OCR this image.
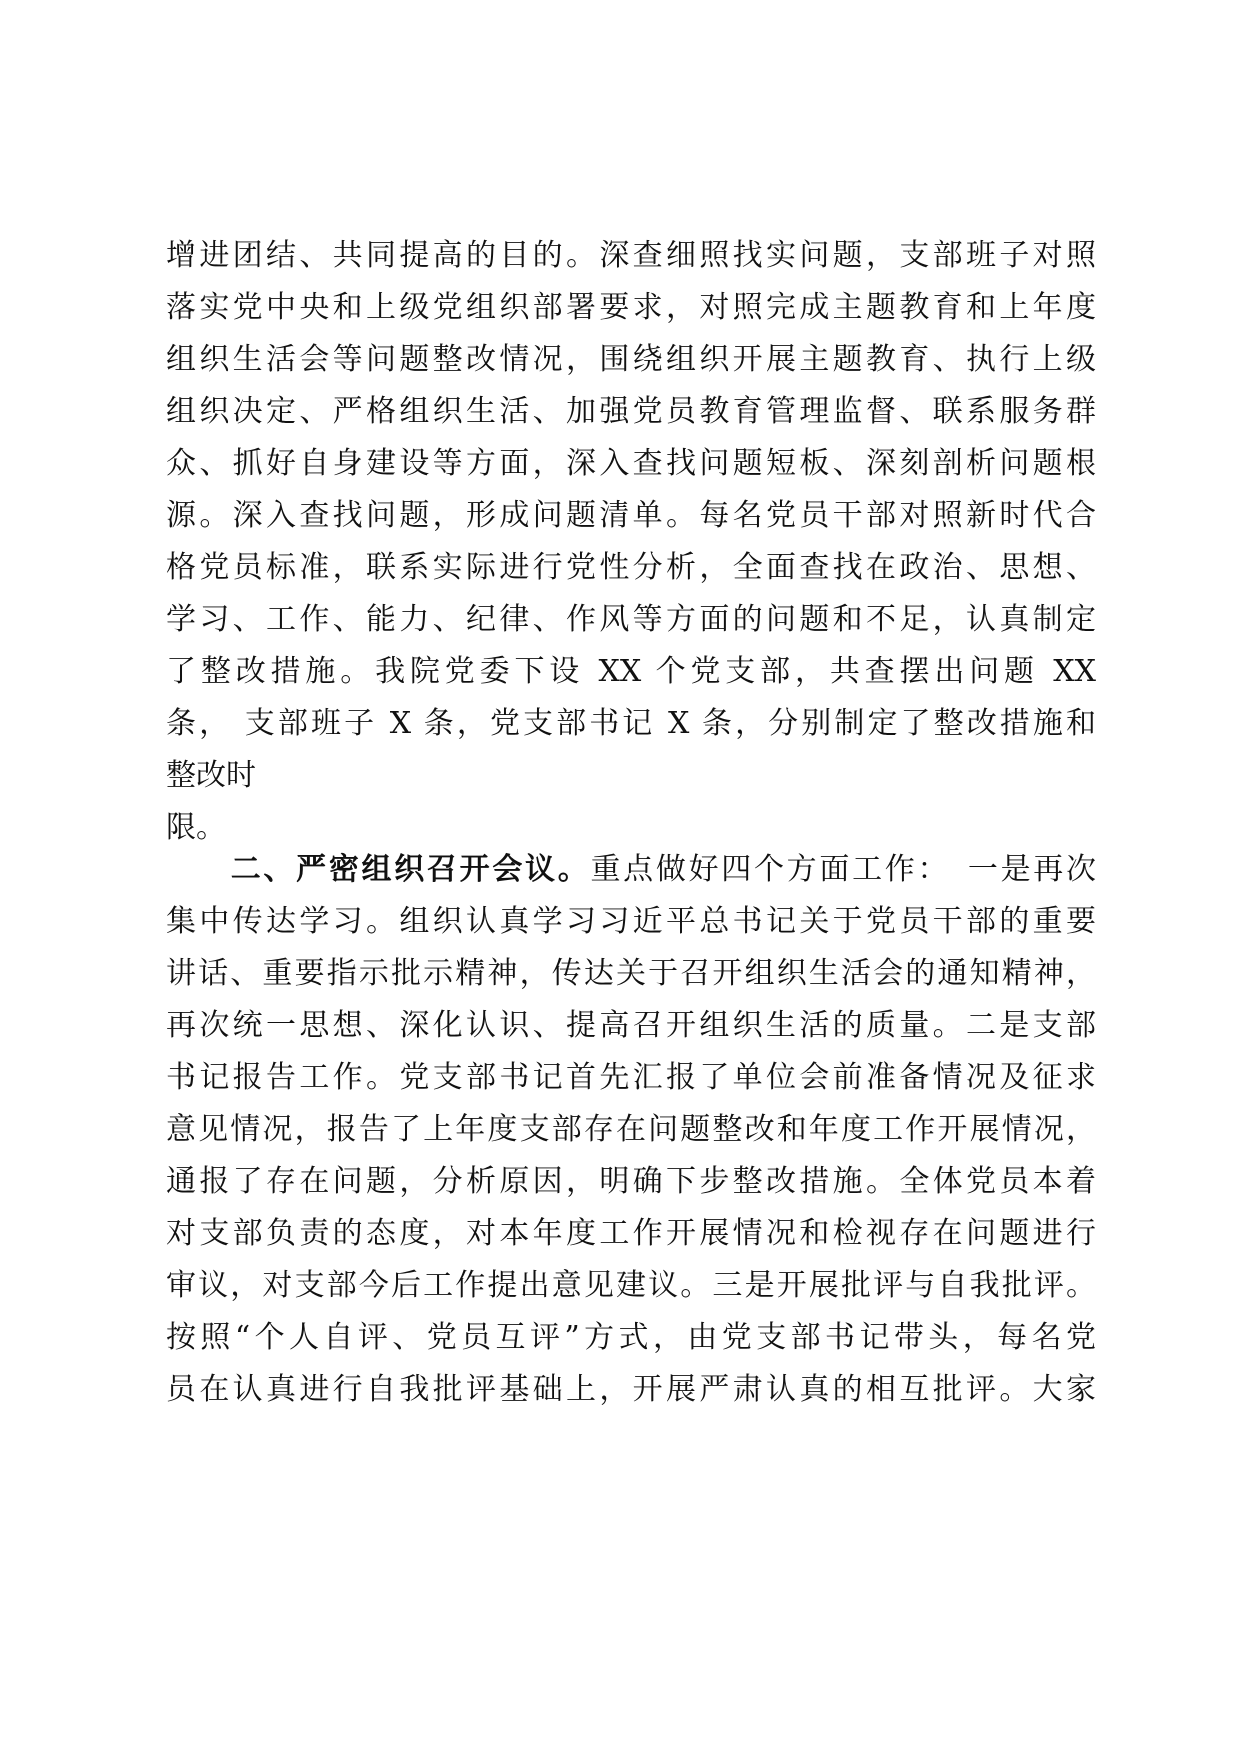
增进团结、共同提高的目的。深查细照找实问题，支部班子对照
落实党中央和上级党组织部署要求，对照完成主题教育和上年度
组织生活会等问题整改情况，围绕组织开展主题教育、执行上级
组织决定、严格组织生活、加强党员教育管理监督、联系服务群
众、抓好自身建设等方面，深入查找问题短板、深刻剖析问题根
源。深入查找问题，形成问题清单。每名党员干部对照新时代合
格党员标准，联系实际进行党性分析，全面查找在政治、思想、
学习、工作、能力、纪律、作风等方面的问题和不足，认真制定
了整改措施。我院党委下设 XX 个党支部，共查摆出问题 XX
条， 支部班子 X 条，党支部书记 X 条，分别制定了整改措施和
整改时
限。
二、严密组织召开会议。重点做好四个方面工作：　一是再次
集中传达学习。组织认真学习习近平总书记关于党员干部的重要
讲话、重要指示批示精神，传达关于召开组织生活会的通知精神，
再次统一思想、深化认识、提高召开组织生活的质量。二是支部
书记报告工作。党支部书记首先汇报了单位会前准备情况及征求
意见情况，报告了上年度支部存在问题整改和年度工作开展情况，
通报了存在问题，分析原因，明确下步整改措施。全体党员本着
对支部负责的态度，对本年度工作开展情况和检视存在问题进行
审议，对支部今后工作提出意见建议。三是开展批评与自我批评。
按照“个人自评、党员互评”方式，由党支部书记带头，每名党
员在认真进行自我批评基础上，开展严肃认真的相互批评。大家
